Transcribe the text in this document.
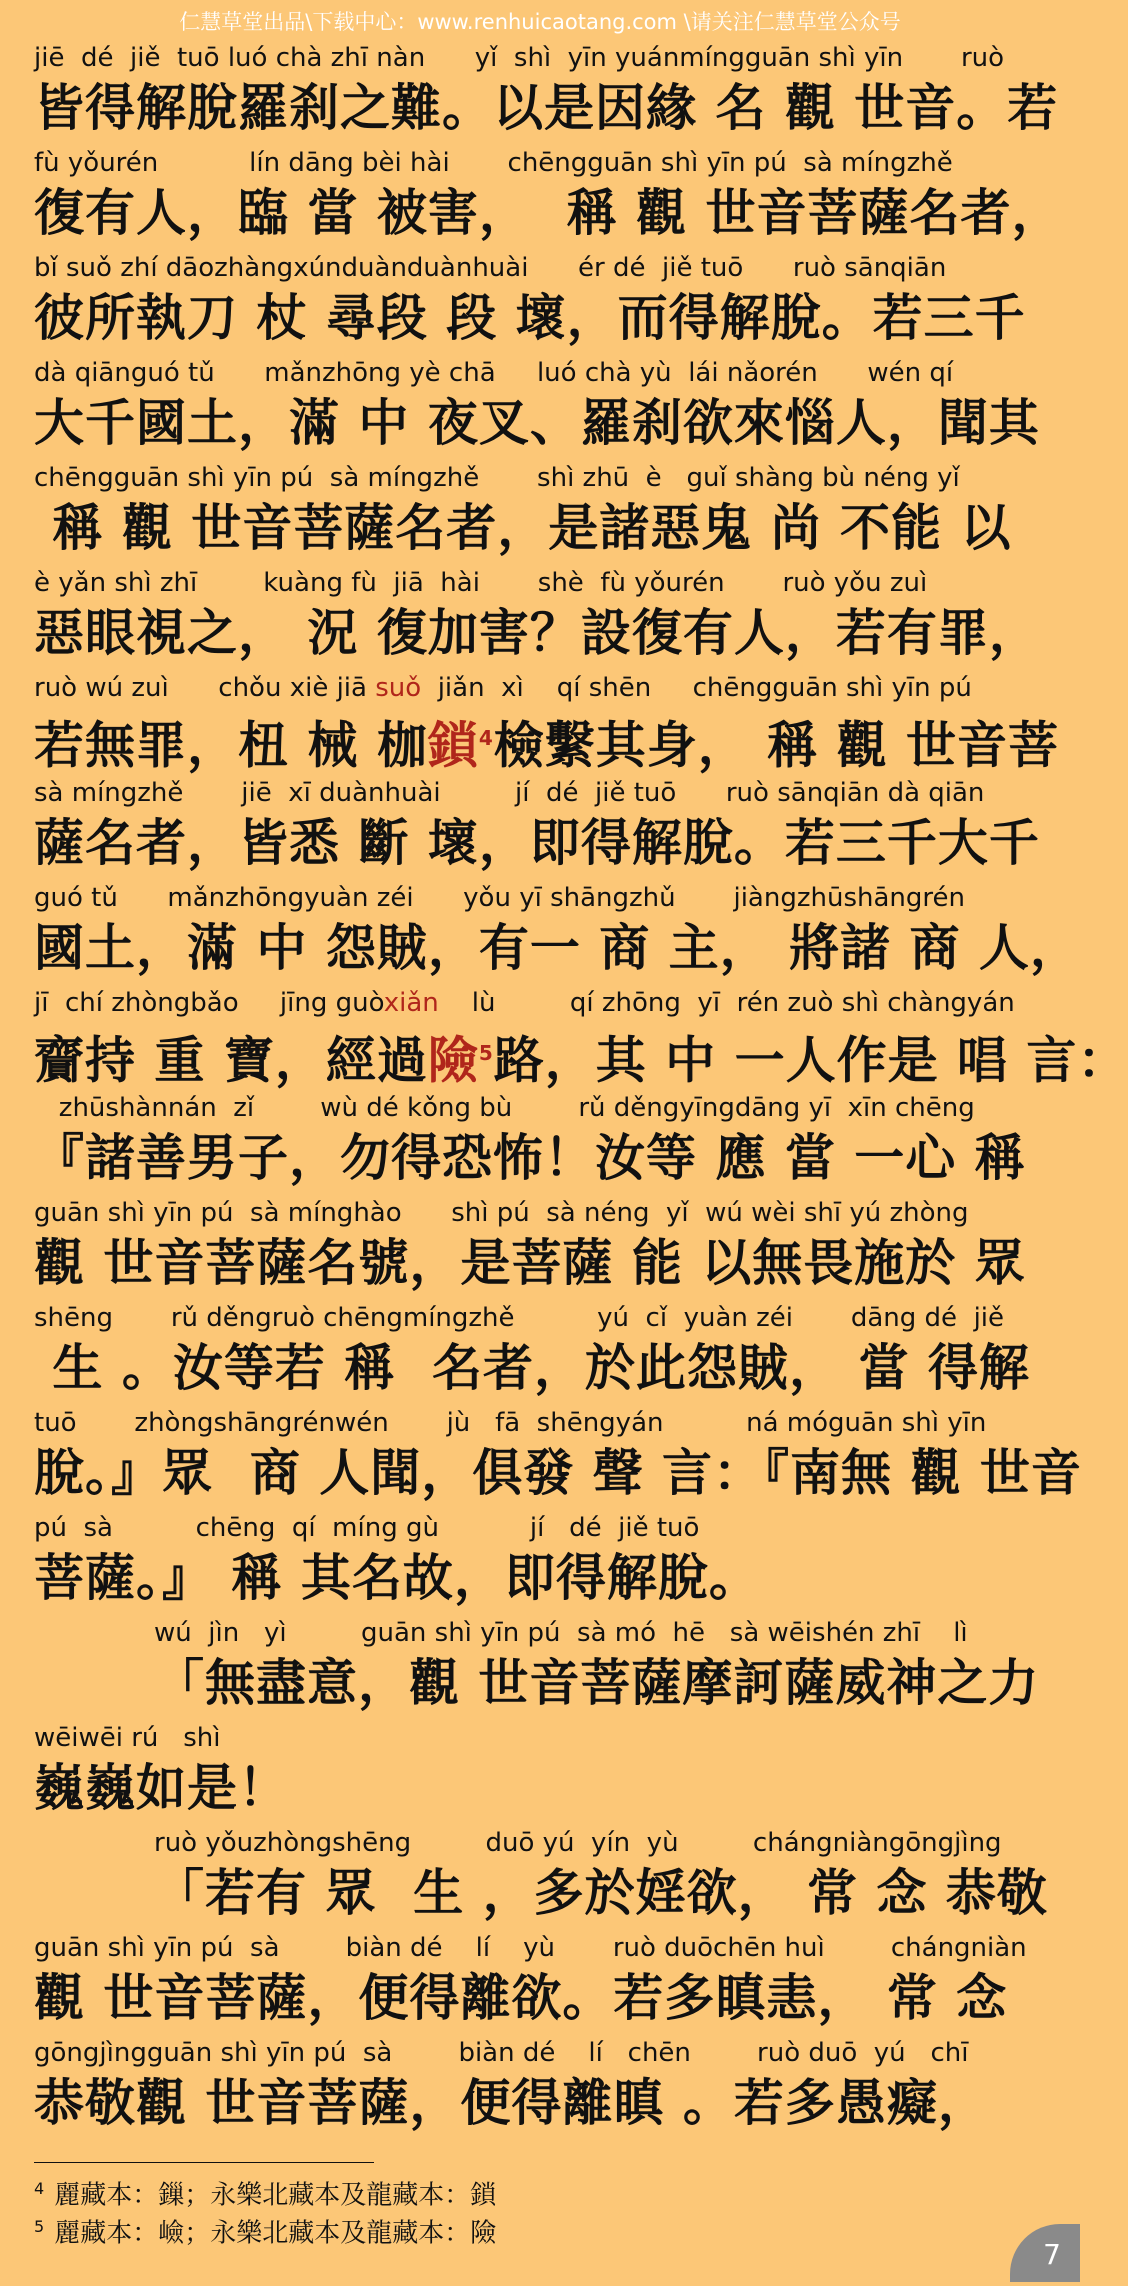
仁慧草堂出品\下载中心：www.renhuicaotang.com \请关注仁慧草堂公众号
jiē  dé  jiě  tuō luó chà zhī nàn      yǐ  shì  yīn yuánmíngguān shì yīn       ruò
皆得解脫羅刹之難。以是因緣 名 觀 世音。若
fù yǒurén           lín dāng bèi hài       chēngguān shì yīn pú  sà míngzhě
復有人，臨 當 被害，  稱 觀 世音菩薩名者，
bǐ suǒ zhí dāozhàngxúnduànduànhuài      ér dé  jiě tuō      ruò sānqiān
彼所執刀 杖 尋段 段 壞，而得解脫。若三千
dà qiānguó tǔ      mǎnzhōng yè chā     luó chà yù  lái nǎorén      wén qí
大千國土，滿 中 夜叉、羅刹欲來惱人，聞其
chēngguān shì yīn pú  sà míngzhě       shì zhū  è   guǐ shàng bù néng yǐ
稱 觀 世音菩薩名者，是諸惡鬼 尚 不能 以
è yǎn shì zhī        kuàng fù  jiā  hài       shè  fù yǒurén       ruò yǒu zuì
惡眼視之， 況 復加害？設復有人，若有罪，
ruò wú zuì      chǒu xiè jiā suǒ  jiǎn  xì    qí shēn     chēngguān shì yīn pú
若無罪，杻 械 枷鎖$^4$檢繫其身， 稱 觀 世音菩
sà míngzhě       jiē  xī duànhuài         jí  dé  jiě tuō      ruò sānqiān dà qiān
薩名者，皆悉 斷 壞，即得解脫。若三千大千
guó tǔ      mǎnzhōngyuàn zéi      yǒu yī shāngzhǔ       jiàngzhūshāngrén
國土，滿 中 怨賊，有一 商 主， 將諸 商 人，
jī  chí zhòngbǎo     jīng guòxiǎn    lù         qí zhōng  yī  rén zuò shì chàngyán
齎持 重 寶，經過險$^5$路，其 中 一人作是 唱 言：
zhūshànnán  zǐ        wù dé kǒng bù        rǔ děngyīngdāng yī  xīn chēng
『諸善男子，勿得恐怖！汝等 應 當 一心 稱
guān shì yīn pú  sà mínghào      shì pú  sà néng  yǐ  wú wèi shī yú zhòng
觀 世音菩薩名號，是菩薩 能 以無畏施於 眾
shēng       rǔ děngruò chēngmíngzhě          yú  cǐ  yuàn zéi       dāng dé  jiě
生 。汝等若 稱  名者，於此怨賊， 當 得解
tuō       zhòngshāngrénwén       jù   fā  shēngyán          ná móguān shì yīn
脫。』眾  商 人聞，俱發 聲 言：『南無 觀 世音
pú  sà          chēng  qí  míng gù           jí   dé  jiě tuō
菩薩。』 稱 其名故，即得解脫。
wú  jìn   yì         guān shì yīn pú  sà mó  hē   sà wēishén zhī    lì
「無盡意，觀 世音菩薩摩訶薩威神之力
wēiwēi rú   shì
巍巍如是！
ruò yǒuzhòngshēng         duō yú  yín  yù         chángniàngōngjìng
「若有 眾  生 ，多於婬欲， 常 念 恭敬
guān shì yīn pú  sà        biàn dé    lí    yù       ruò duōchēn huì        chángniàn
觀 世音菩薩，便得離欲。若多瞋恚， 常 念
gōngjìngguān shì yīn pú  sà        biàn dé    lí   chēn        ruò duō  yú   chī
恭敬觀 世音菩薩，便得離瞋 。若多愚癡，
$^4$ 麗藏本：鏁；永樂北藏本及龍藏本：鎖
$^5$ 麗藏本：嶮；永樂北藏本及龍藏本：險
7
